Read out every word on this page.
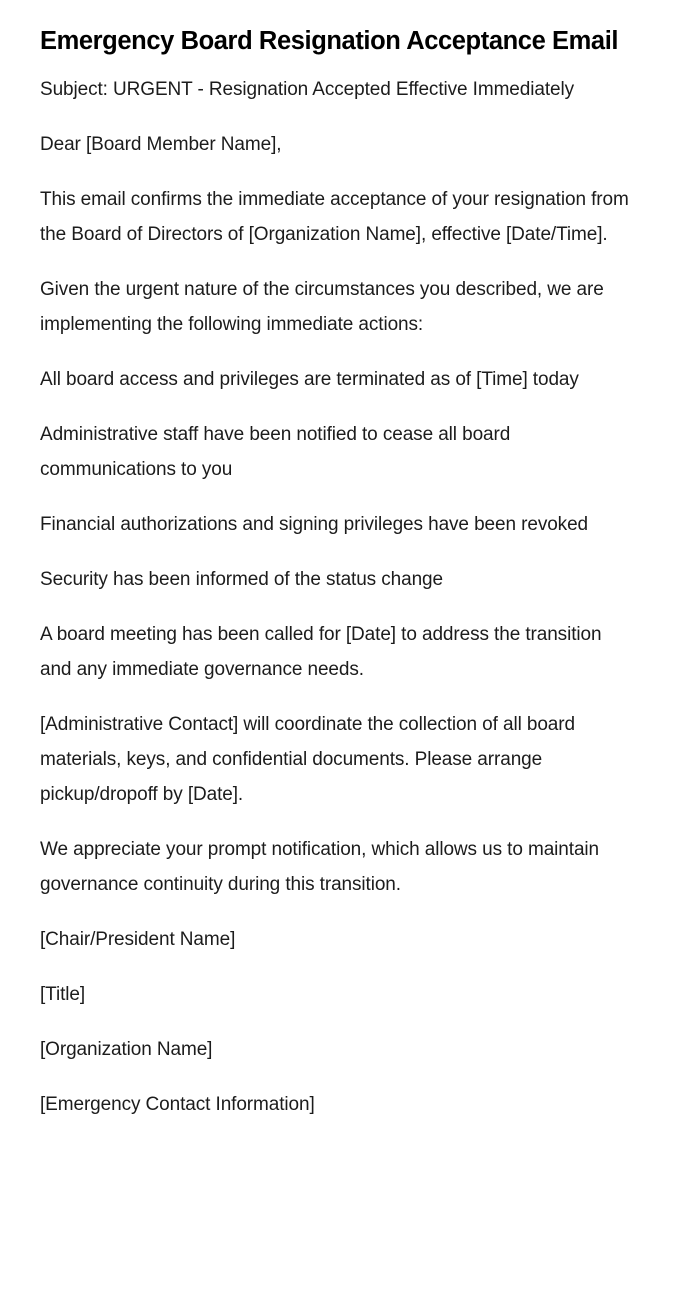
Emergency Board Resignation Acceptance Email

Subject: URGENT - Resignation Accepted Effective Immediately

Dear [Board Member Name],

This email confirms the immediate acceptance of your resignation from the Board of Directors of [Organization Name], effective [Date/Time].

Given the urgent nature of the circumstances you described, we are implementing the following immediate actions:

All board access and privileges are terminated as of [Time] today

Administrative staff have been notified to cease all board communications to you

Financial authorizations and signing privileges have been revoked

Security has been informed of the status change

A board meeting has been called for [Date] to address the transition and any immediate governance needs.

[Administrative Contact] will coordinate the collection of all board materials, keys, and confidential documents. Please arrange pickup/dropoff by [Date].

We appreciate your prompt notification, which allows us to maintain governance continuity during this transition.

[Chair/President Name]

[Title]

[Organization Name]

[Emergency Contact Information]
